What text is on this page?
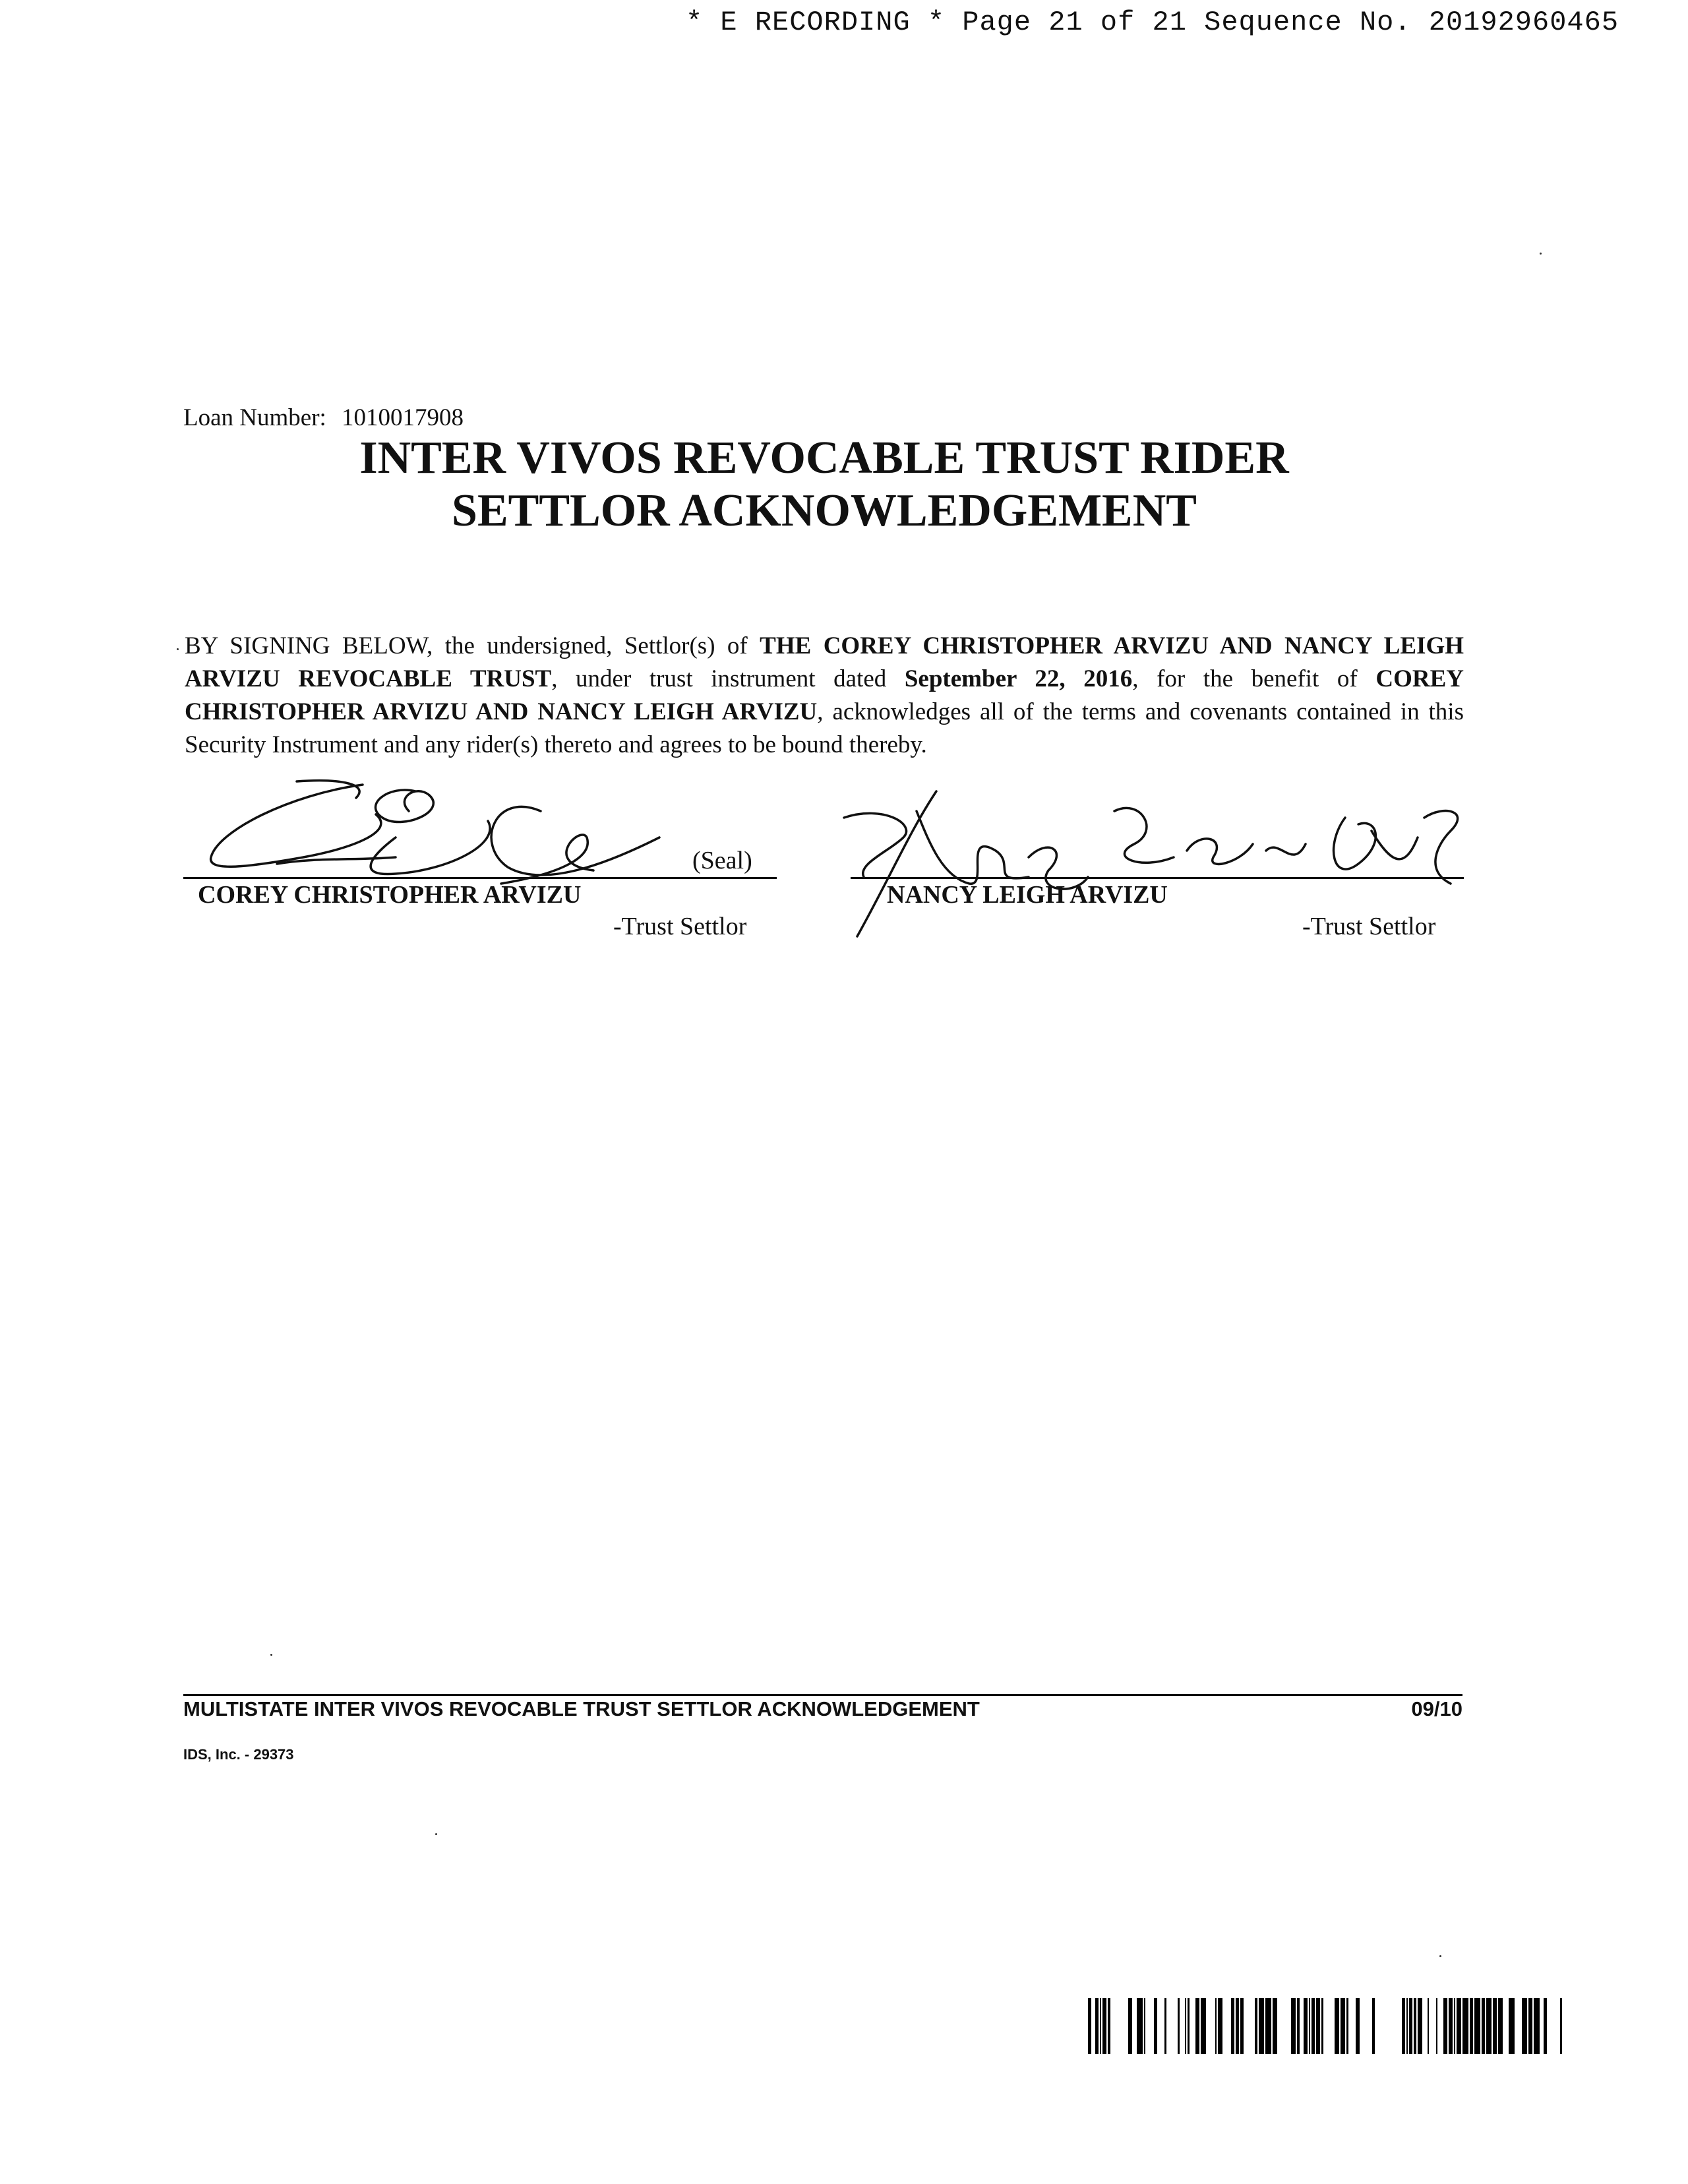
* E RECORDING * Page 21 of 21 Sequence No. 20192960465
Loan Number: 1010017908
INTER VIVOS REVOCABLE TRUST RIDER
SETTLOR ACKNOWLEDGEMENT
BY SIGNING BELOW, the undersigned, Settlor(s) of THE COREY CHRISTOPHER ARVIZU AND NANCY LEIGH ARVIZU REVOCABLE TRUST, under trust instrument dated September 22, 2016, for the benefit of COREY CHRISTOPHER ARVIZU AND NANCY LEIGH ARVIZU, acknowledges all of the terms and covenants contained in this Security Instrument and any rider(s) thereto and agrees to be bound thereby.
(Seal)
COREY CHRISTOPHER ARVIZU
-Trust Settlor
NANCY LEIGH ARVIZU
-Trust Settlor
MULTISTATE INTER VIVOS REVOCABLE TRUST SETTLOR ACKNOWLEDGEMENT	09/10
IDS, Inc. - 29373
